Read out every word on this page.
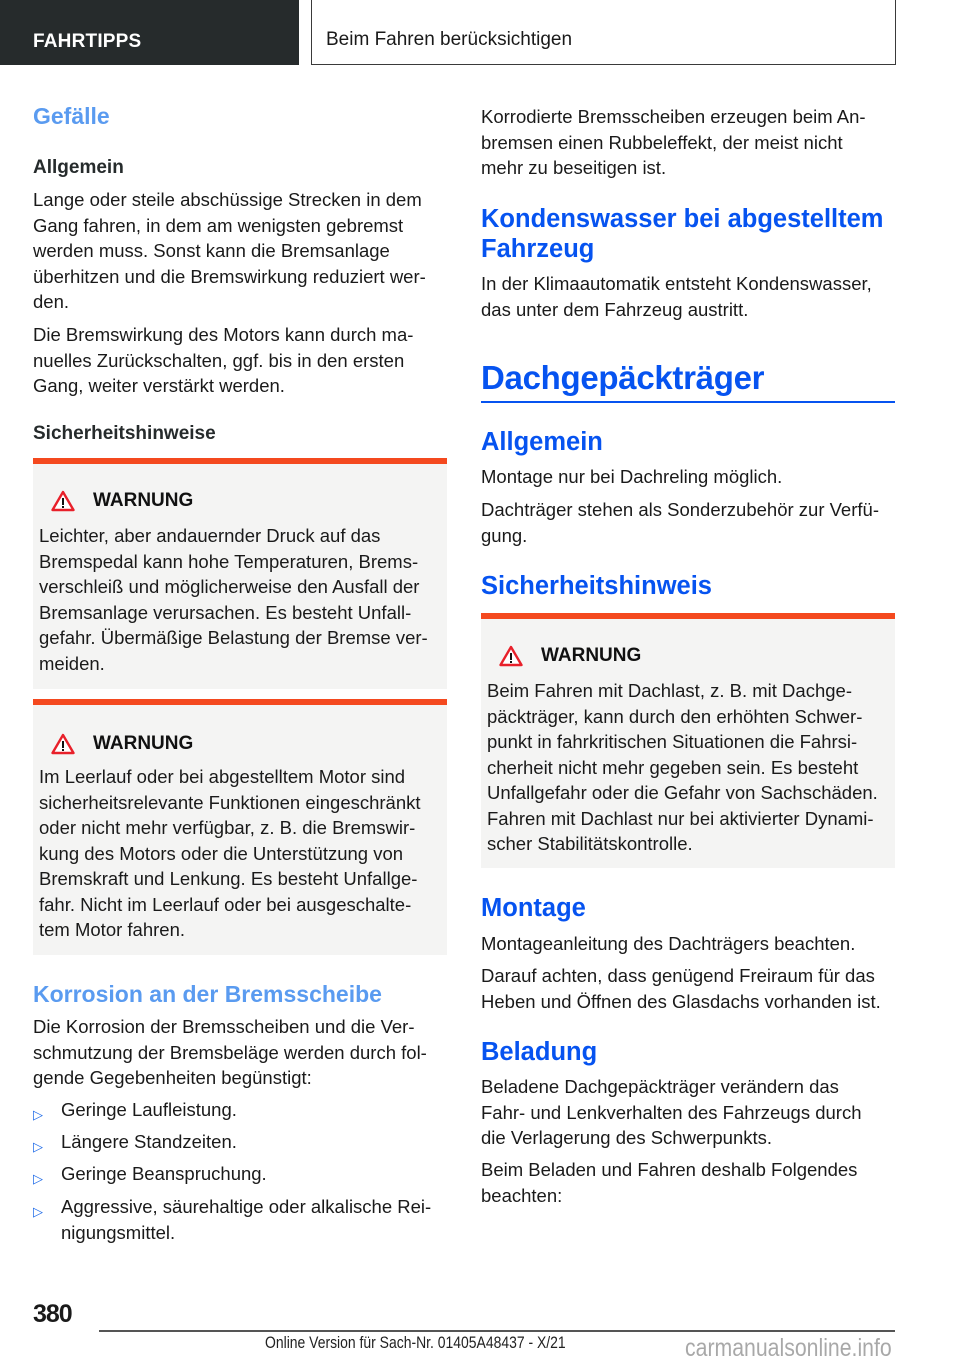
FAHRTIPPS	Beim Fahren berücksichtigen
Gefälle
Allgemein
Lange oder steile abschüssige Strecken in dem
Gang fahren, in dem am wenigsten gebremst
werden muss. Sonst kann die Bremsanlage
überhitzen und die Bremswirkung reduziert wer-
den.
Die Bremswirkung des Motors kann durch ma-
nuelles Zurückschalten, ggf. bis in den ersten
Gang, weiter verstärkt werden.
Sicherheitshinweise
WARNUNG
Leichter, aber andauernder Druck auf das
Bremspedal kann hohe Temperaturen, Brems-
verschleiß und möglicherweise den Ausfall der
Bremsanlage verursachen. Es besteht Unfall-
gefahr. Übermäßige Belastung der Bremse ver-
meiden.
WARNUNG
Im Leerlauf oder bei abgestelltem Motor sind
sicherheitsrelevante Funktionen eingeschränkt
oder nicht mehr verfügbar, z. B. die Bremswir-
kung des Motors oder die Unterstützung von
Bremskraft und Lenkung. Es besteht Unfallge-
fahr. Nicht im Leerlauf oder bei ausgeschalte-
tem Motor fahren.
Korrosion an der Bremsscheibe
Die Korrosion der Bremsscheiben und die Ver-
schmutzung der Bremsbeläge werden durch fol-
gende Gegebenheiten begünstigt:
▷ Geringe Laufleistung.
▷ Längere Standzeiten.
▷ Geringe Beanspruchung.
▷ Aggressive, säurehaltige oder alkalische Rei-
nigungsmittel.
Korrodierte Bremsscheiben erzeugen beim An-
bremsen einen Rubbeleffekt, der meist nicht
mehr zu beseitigen ist.
Kondenswasser bei abgestelltem
Fahrzeug
In der Klimaautomatik entsteht Kondenswasser,
das unter dem Fahrzeug austritt.
Dachgepäckträger
Allgemein
Montage nur bei Dachreling möglich.
Dachträger stehen als Sonderzubehör zur Verfü-
gung.
Sicherheitshinweis
WARNUNG
Beim Fahren mit Dachlast, z. B. mit Dachge-
päckträger, kann durch den erhöhten Schwer-
punkt in fahrkritischen Situationen die Fahrsi-
cherheit nicht mehr gegeben sein. Es besteht
Unfallgefahr oder die Gefahr von Sachschäden.
Fahren mit Dachlast nur bei aktivierter Dynami-
scher Stabilitätskontrolle.
Montage
Montageanleitung des Dachträgers beachten.
Darauf achten, dass genügend Freiraum für das
Heben und Öffnen des Glasdachs vorhanden ist.
Beladung
Beladene Dachgepäckträger verändern das
Fahr- und Lenkverhalten des Fahrzeugs durch
die Verlagerung des Schwerpunkts.
Beim Beladen und Fahren deshalb Folgendes
beachten:
380
Online Version für Sach-Nr. 01405A48437 - X/21	carmanualsonline.info
